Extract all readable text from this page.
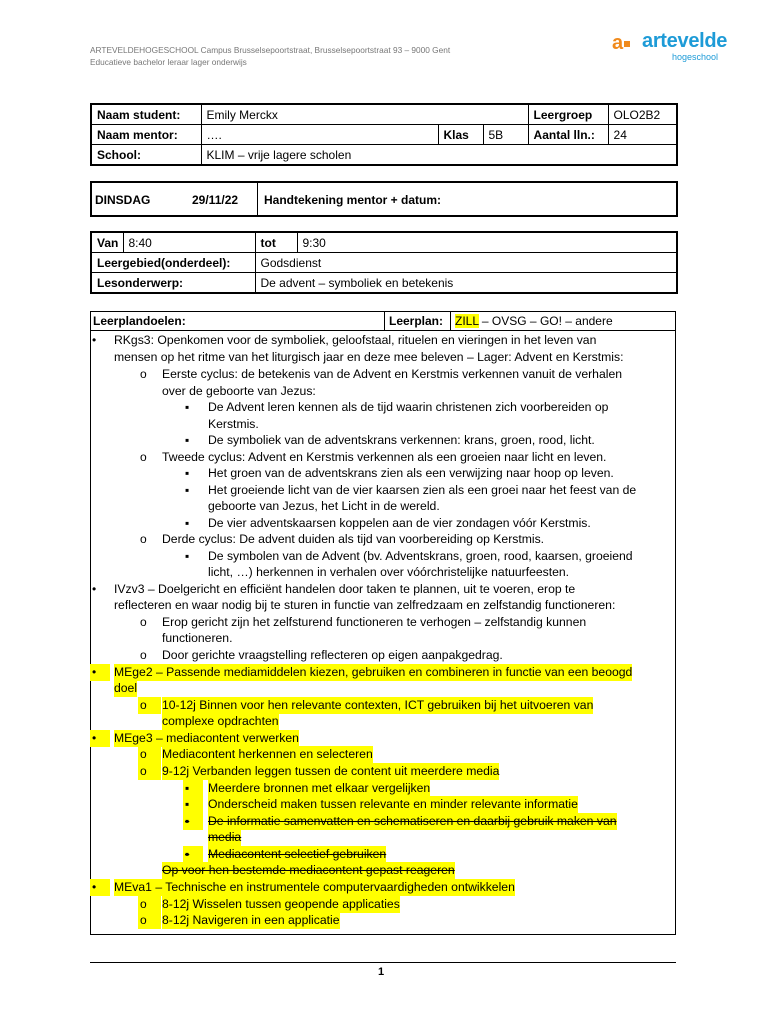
ARTEVELDEHOGESCHOOL Campus Brusselsepoortstraat, Brusselsepoortstraat 93 – 9000 Gent
Educatieve bachelor leraar lager onderwijs
a artevelde
hogeschool
Naam student:	Emily Merckx			Leergroep	OLO2B2
Naam mentor:	….	Klas	5B	Aantal lln.:	24
School:	KLIM – vrije lagere scholen				
DINSDAG	29/11/22 Handtekening mentor + datum:
Van	8:40	tot	9:30
Leergebied(onderdeel):		Godsdienst	
Lesonderwerp:		De advent – symboliek en betekenis	
Leerplandoelen:	Leerplan: ZILL – OVSG – GO! – andere
• RKgs3: Openkomen voor de symboliek, geloofstaal, rituelen en vieringen in het leven van
mensen op het ritme van het liturgisch jaar en deze mee beleven – Lager: Advent en Kerstmis:
o Eerste cyclus: de betekenis van de Advent en Kerstmis verkennen vanuit de verhalen
over de geboorte van Jezus:
▪ De Advent leren kennen als de tijd waarin christenen zich voorbereiden op
Kerstmis.
▪ De symboliek van de adventskrans verkennen: krans, groen, rood, licht.
o Tweede cyclus: Advent en Kerstmis verkennen als een groeien naar licht en leven.
▪ Het groen van de adventskrans zien als een verwijzing naar hoop op leven.
▪ Het groeiende licht van de vier kaarsen zien als een groei naar het feest van de
geboorte van Jezus, het Licht in de wereld.
▪ De vier adventskaarsen koppelen aan de vier zondagen vóór Kerstmis.
o Derde cyclus: De advent duiden als tijd van voorbereiding op Kerstmis.
▪ De symbolen van de Advent (bv. Adventskrans, groen, rood, kaarsen, groeiend
licht, …) herkennen in verhalen over vóórchristelijke natuurfeesten.
• IVzv3 – Doelgericht en efficiënt handelen door taken te plannen, uit te voeren, erop te
reflecteren en waar nodig bij te sturen in functie van zelfredzaam en zelfstandig functioneren:
o Erop gericht zijn het zelfsturend functioneren te verhogen – zelfstandig kunnen
functioneren.
o Door gerichte vraagstelling reflecteren op eigen aanpakgedrag.
•	MEge2 – Passende mediamiddelen kiezen, gebruiken en combineren in functie van een beoogd
doel
o	10-12j Binnen voor hen relevante contexten, ICT gebruiken bij het uitvoeren van
complexe opdrachten
•	MEge3 – mediacontent verwerken
o	Mediacontent herkennen en selecteren
o	9-12j Verbanden leggen tussen de content uit meerdere media
▪	Meerdere bronnen met elkaar vergelijken
▪	Onderscheid maken tussen relevante en minder relevante informatie
▪	De informatie samenvatten en schematiseren en daarbij gebruik maken van
media
▪	Mediacontent selectief gebruiken
Op voor hen bestemde mediacontent gepast reageren
•	MEva1 – Technische en instrumentele computervaardigheden ontwikkelen
o	8-12j Wisselen tussen geopende applicaties
o	8-12j Navigeren in een applicatie
1
